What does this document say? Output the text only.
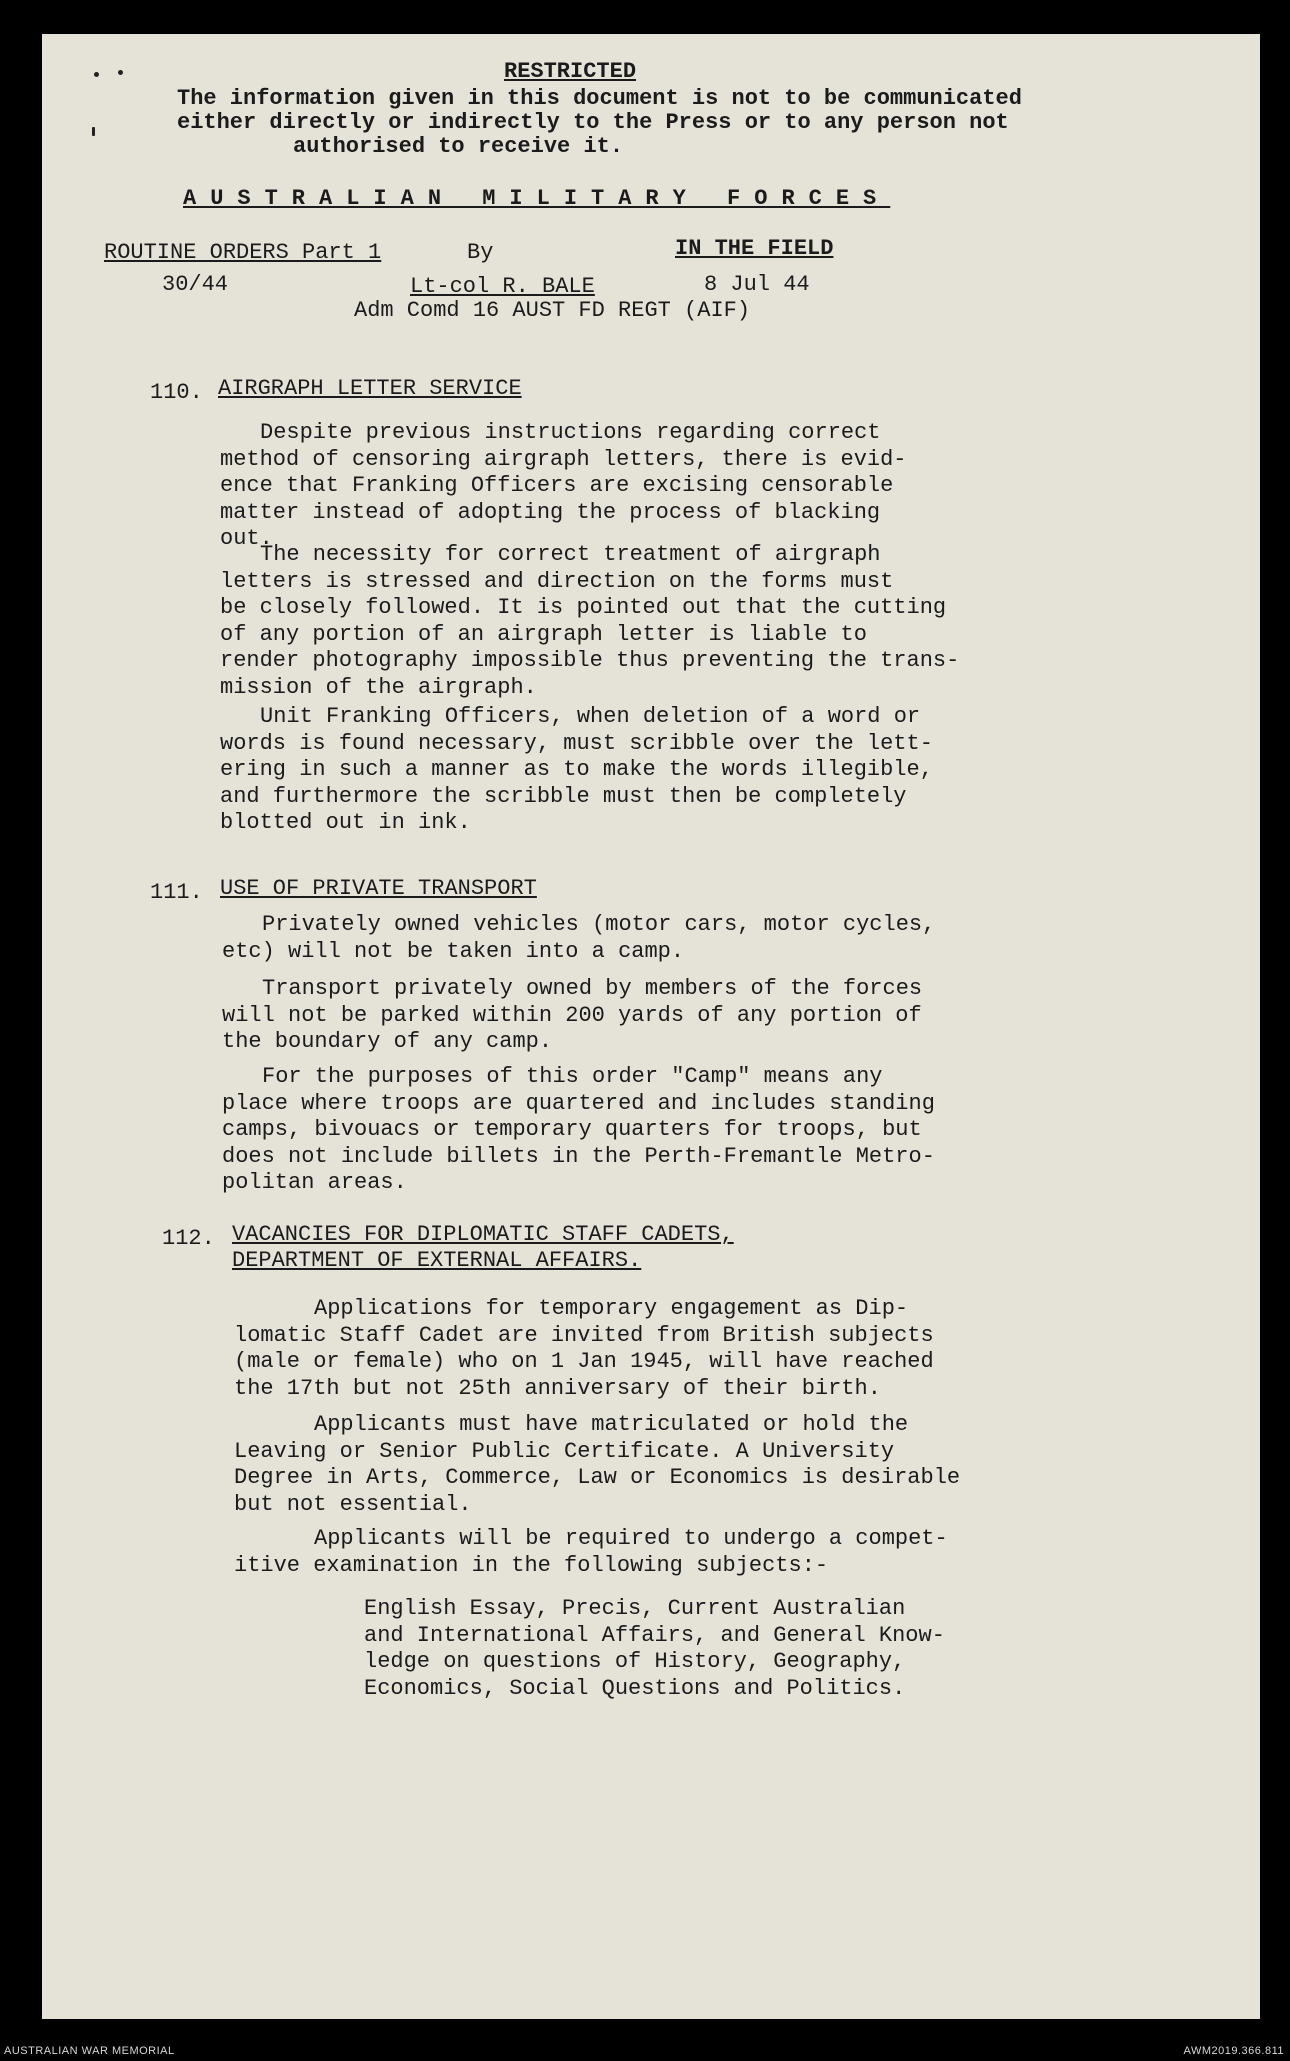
RESTRICTED
The information given in this document is not to be communicated
either directly or indirectly to the Press or to any person not
authorised to receive it.
AUSTRALIAN MILITARY FORCES
ROUTINE ORDERS Part 1
30/44
By
Lt-col R. BALE
Adm Comd 16 AUST FD REGT (AIF)
IN THE FIELD
8 Jul 44
110. AIRGRAPH LETTER SERVICE
Despite previous instructions regarding correct
method of censoring airgraph letters, there is evid-
ence that Franking Officers are excising censorable
matter instead of adopting the process of blacking
out.
The necessity for correct treatment of airgraph
letters is stressed and direction on the forms must
be closely followed. It is pointed out that the cutting
of any portion of an airgraph letter is liable to
render photography impossible thus preventing the trans-
mission of the airgraph.
Unit Franking Officers, when deletion of a word or
words is found necessary, must scribble over the lett-
ering in such a manner as to make the words illegible,
and furthermore the scribble must then be completely
blotted out in ink.
111. USE OF PRIVATE TRANSPORT
Privately owned vehicles (motor cars, motor cycles,
etc) will not be taken into a camp.
Transport privately owned by members of the forces
will not be parked within 200 yards of any portion of
the boundary of any camp.
For the purposes of this order "Camp" means any
place where troops are quartered and includes standing
camps, bivouacs or temporary quarters for troops, but
does not include billets in the Perth-Fremantle Metro-
politan areas.
112. VACANCIES FOR DIPLOMATIC STAFF CADETS,
DEPARTMENT OF EXTERNAL AFFAIRS.
Applications for temporary engagement as Dip-
lomatic Staff Cadet are invited from British subjects
(male or female) who on 1 Jan 1945, will have reached
the 17th but not 25th anniversary of their birth.
Applicants must have matriculated or hold the
Leaving or Senior Public Certificate. A University
Degree in Arts, Commerce, Law or Economics is desirable
but not essential.
Applicants will be required to undergo a compet-
itive examination in the following subjects:-
English Essay, Precis, Current Australian
and International Affairs, and General Know-
ledge on questions of History, Geography,
Economics, Social Questions and Politics.
AUSTRALIAN WAR MEMORIAL	AWM2019.366.811
